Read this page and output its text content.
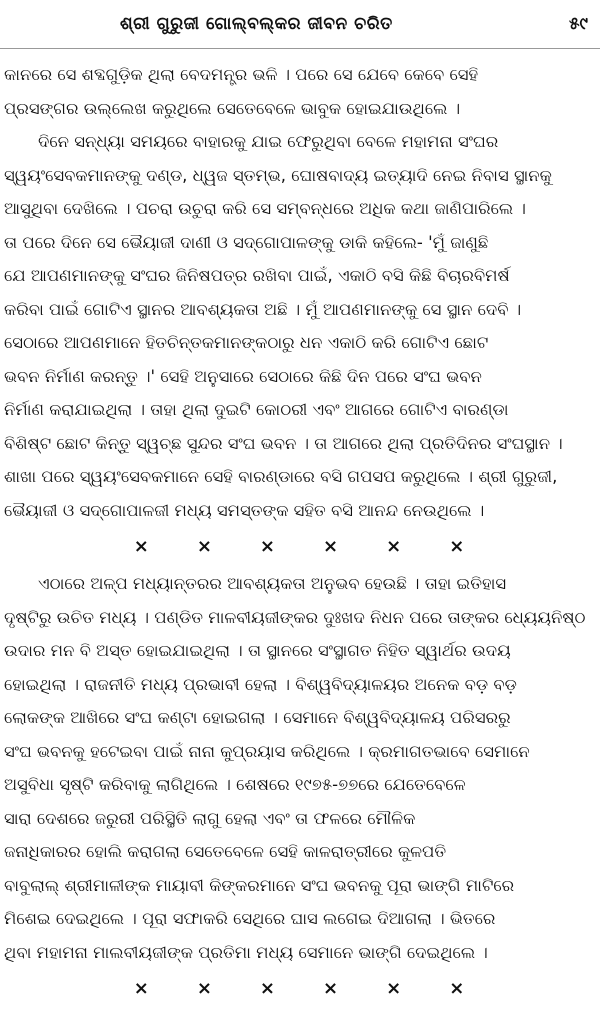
ଶ୍ରୀ ଗୁରୁଜୀ ଗୋଲ୍‌ବଲ୍‌କର ଜୀବନ ଚରିତ	୫୯

କାନରେ ସେ ଶବ୍ଦଗୁଡ଼ିକ ଥିଲା ବେଦମନ୍ତ୍ର ଭଳି । ପରେ ସେ ଯେବେ କେବେ ସେହି
ପ୍ରସଙ୍ଗର ଉଲ୍ଲେଖ କରୁଥିଲେ ସେତେବେଳେ ଭାବୁକ ହୋଇଯାଉଥିଲେ ।

ଦିନେ ସନ୍ଧ୍ୟା ସମୟରେ ବାହାରକୁ ଯାଇ ଫେରୁଥିବା ବେଳେ ମହାମନା ସଂଘର
ସ୍ୱୟଂସେବକମାନଙ୍କୁ ଦଣ୍ଡ, ଧ୍ୱଜ ସ୍ତମ୍ଭ, ଘୋଷବାଦ୍ୟ ଇତ୍ୟାଦି ନେଇ ନିବାସ ସ୍ଥାନକୁ
ଆସୁଥିବା ଦେଖିଲେ । ପଚରା ଉଚୁରା କରି ସେ ସମ୍ବନ୍ଧରେ ଅଧିକ କଥା ଜାଣିପାରିଲେ ।
ତା ପରେ ଦିନେ ସେ ଭୈୟାଜୀ ଦାଣୀ ଓ ସଦ୍‌ଗୋପାଳଙ୍କୁ ଡାକି କହିଲେ- 'ମୁଁ ଜାଣୁଛି
ଯେ ଆପଣମାନଙ୍କୁ ସଂଘର ଜିନିଷପତ୍ର ରଖିବା ପାଇଁ, ଏକାଠି ବସି କିଛି ବିଚାରବିମର୍ଷ
କରିବା ପାଇଁ ଗୋଟିଏ ସ୍ଥାନର ଆବଶ୍ୟକତା ଅଛି । ମୁଁ ଆପଣମାନଙ୍କୁ ସେ ସ୍ଥାନ ଦେବି ।
ସେଠାରେ ଆପଣମାନେ ହିତଚିନ୍ତକମାନଙ୍କଠାରୁ ଧନ ଏକାଠି କରି ଗୋଟିଏ ଛୋଟ
ଭବନ ନିର୍ମାଣ କରନ୍ତୁ ।' ସେହି ଅନୁସାରେ ସେଠାରେ କିଛି ଦିନ ପରେ ସଂଘ ଭବନ
ନିର୍ମାଣ କରାଯାଇଥିଲା । ତାହା ଥିଲା ଦୁଇଟି କୋଠରୀ ଏବଂ ଆଗରେ ଗୋଟିଏ ବାରଣ୍ଡା
ବିଶିଷ୍ଟ ଛୋଟ କିନ୍ତୁ ସ୍ୱଚ୍ଛ ସୁନ୍ଦର ସଂଘ ଭବନ । ତା ଆଗରେ ଥିଲା ପ୍ରତିଦିନର ସଂଘସ୍ଥାନ ।
ଶାଖା ପରେ ସ୍ୱୟଂସେବକମାନେ ସେହି ବାରଣ୍ଡାରେ ବସି ଗପସପ କରୁଥିଲେ । ଶ୍ରୀ ଗୁରୁଜୀ,
ଭୈୟାଜୀ ଓ ସଦ୍‌ଗୋପାଳଜୀ ମଧ୍ୟ ସମସ୍ତଙ୍କ ସହିତ ବସି ଆନନ୍ଦ ନେଉଥିଲେ ।

×	×	×	×	×	×

ଏଠାରେ ଅଳ୍ପ ମଧ୍ୟାନ୍ତରର ଆବଶ୍ୟକତା ଅନୁଭବ ହେଉଛି । ତାହା ଇତିହାସ
ଦୃଷ୍ଟିରୁ ଉଚିତ ମଧ୍ୟ । ପଣ୍ଡିତ ମାଳବୀୟଜୀଙ୍କର ଦୁଃଖଦ ନିଧନ ପରେ ତାଙ୍କର ଧ୍ୟେୟନିଷ୍ଠ
ଉଦାର ମନ ବି ଅସ୍ତ ହୋଇଯାଇଥିଲା । ତା ସ୍ଥାନରେ ସଂସ୍ଥାଗତ ନିହିତ ସ୍ୱାର୍ଥର ଉଦୟ
ହୋଇଥିଲା । ରାଜନୀତି ମଧ୍ୟ ପ୍ରଭାବୀ ହେଲା । ବିଶ୍ୱବିଦ୍ୟାଳୟର ଅନେକ ବଡ଼ ବଡ଼
ଲୋକଙ୍କ ଆଖିରେ ସଂଘ କଣ୍ଟା ହୋଇଗଲା । ସେମାନେ ବିଶ୍ୱବିଦ୍ୟାଳୟ ପରିସରରୁ
ସଂଘ ଭବନକୁ ହଟେଇବା ପାଇଁ ନାନା କୁପ୍ରୟାସ କରିଥିଲେ । କ୍ରମାଗତଭାବେ ସେମାନେ
ଅସୁବିଧା ସୃଷ୍ଟି କରିବାକୁ ଲାଗିଥିଲେ । ଶେଷରେ ୧୯୭୫-୭୭ରେ ଯେତେବେଳେ
ସାରା ଦେଶରେ ଜରୁରୀ ପରିସ୍ଥିତି ଲାଗୁ ହେଲା ଏବଂ ତା ଫଳରେ ମୌଳିକ
ଜନାଧିକାରର ହୋଲି କରାଗଲା ସେତେବେଳେ ସେହି କାଳରାତ୍ରୀରେ କୁଳପତି
ବାବୁଲାଲ୍ ଶ୍ରୀମାଳୀଙ୍କ ମାୟାବୀ କିଙ୍କରମାନେ ସଂଘ ଭବନକୁ ପୂରା ଭାଙ୍ଗି ମାଟିରେ
ମିଶେଇ ଦେଇଥିଲେ । ପୂରା ସଫାକରି ସେଥିରେ ଘାସ ଲଗେଇ ଦିଆଗଲା । ଭିତରେ
ଥିବା ମହାମନା ମାଲବୀୟଜୀଙ୍କ ପ୍ରତିମା ମଧ୍ୟ ସେମାନେ ଭାଙ୍ଗି ଦେଇଥିଲେ ।

×	×	×	×	×	×
